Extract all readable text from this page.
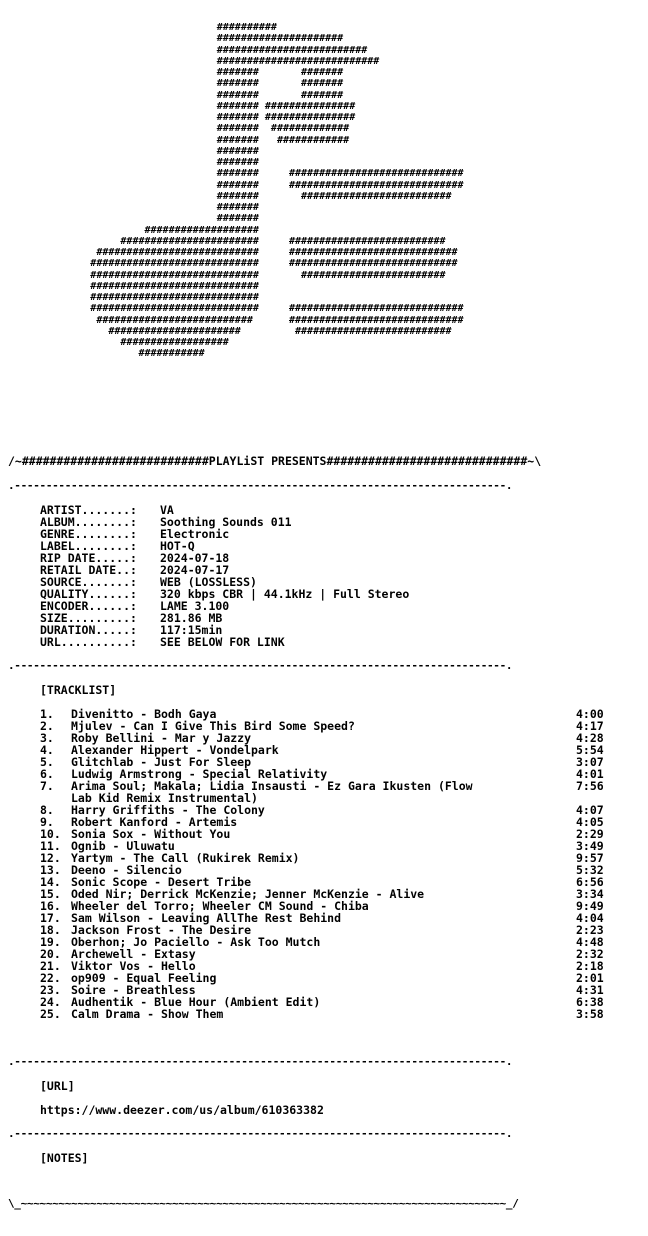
##########
#####################
#########################
###########################
#######       #######
#######       #######
#######       #######
####### ###############
####### ###############
#######  #############
#######   ############
#######
#######
#######     #############################
#######     #############################
#######       #########################
#######
#######
###################
#######################     ##########################
###########################     ############################
############################     ############################
############################       ########################
############################
############################
############################     #############################
##########################      #############################
######################         ##########################
##################
###########
/~###########################PLAYLiST PRESENTS#############################~\
.------------------------------------------------------------------------------.
ARTIST.......: VA
ALBUM........: Soothing Sounds 011
GENRE........: Electronic
LABEL........: HOT-Q
RIP DATE.....: 2024-07-18
RETAIL DATE..: 2024-07-17
SOURCE.......: WEB (LOSSLESS)
QUALITY......: 320 kbps CBR | 44.1kHz | Full Stereo
ENCODER......: LAME 3.100
SIZE.........: 281.86 MB
DURATION.....: 117:15min
URL..........: SEE BELOW FOR LINK
.------------------------------------------------------------------------------.
[TRACKLIST]
1. Divenitto - Bodh Gaya	4:00
2. Mjulev - Can I Give This Bird Some Speed?	4:17
3. Roby Bellini - Mar y Jazzy	4:28
4. Alexander Hippert - Vondelpark	5:54
5. Glitchlab - Just For Sleep	3:07
6. Ludwig Armstrong - Special Relativity	4:01
7. Arima Soul; Makala; Lidia Insausti - Ez Gara Ikusten (Flow	7:56
Lab Kid Remix Instrumental)
8. Harry Griffiths - The Colony	4:07
9. Robert Kanford - Artemis	4:05
10. Sonia Sox - Without You	2:29
11. Ognib - Uluwatu	3:49
12. Yartym - The Call (Rukirek Remix)	9:57
13. Deeno - Silencio	5:32
14. Sonic Scope - Desert Tribe	6:56
15. Oded Nir; Derrick McKenzie; Jenner McKenzie - Alive	3:34
16. Wheeler del Torro; Wheeler CM Sound - Chiba	9:49
17. Sam Wilson - Leaving AllThe Rest Behind	4:04
18. Jackson Frost - The Desire	2:23
19. Oberhon; Jo Paciello - Ask Too Mutch	4:48
20. Archewell - Extasy	2:32
21. Viktor Vos - Hello	2:18
22. op909 - Equal Feeling	2:01
23. Soire - Breathless	4:31
24. Audhentik - Blue Hour (Ambient Edit)	6:38
25. Calm Drama - Show Them	3:58
.------------------------------------------------------------------------------.
[URL]
https://www.deezer.com/us/album/610363382
.------------------------------------------------------------------------------.
[NOTES]
\_~~~~~~~~~~~~~~~~~~~~~~~~~~~~~~~~~~~~~~~~~~~~~~~~~~~~~~~~~~~~~~~~~~~~~~~~~~~~~_/
